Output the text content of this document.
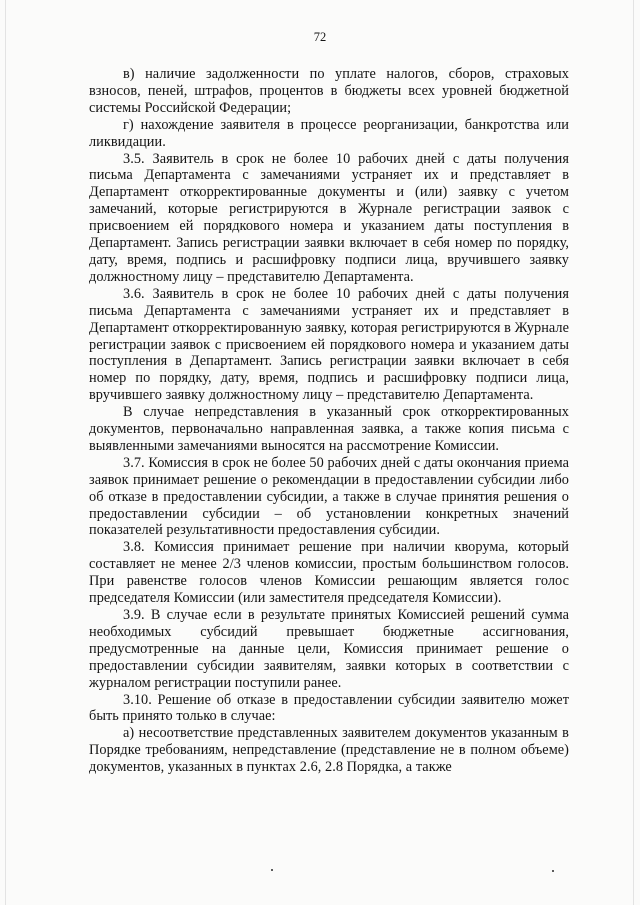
72

в) наличие задолженности по уплате налогов, сборов, страховых взносов, пеней, штрафов, процентов в бюджеты всех уровней бюджетной системы Российской Федерации;

г) нахождение заявителя в процессе реорганизации, банкротства или ликвидации.

3.5. Заявитель в срок не более 10 рабочих дней с даты получения письма Департамента с замечаниями устраняет их и представляет в Департамент откорректированные документы и (или) заявку с учетом замечаний, которые регистрируются в Журнале регистрации заявок с присвоением ей порядкового номера и указанием даты поступления в Департамент. Запись регистрации заявки включает в себя номер по порядку, дату, время, подпись и расшифровку подписи лица, вручившего заявку должностному лицу – представителю Департамента.

3.6. Заявитель в срок не более 10 рабочих дней с даты получения письма Департамента с замечаниями устраняет их и представляет в Департамент откорректированную заявку, которая регистрируются в Журнале регистрации заявок с присвоением ей порядкового номера и указанием даты поступления в Департамент. Запись регистрации заявки включает в себя номер по порядку, дату, время, подпись и расшифровку подписи лица, вручившего заявку должностному лицу – представителю Департамента.

В случае непредставления в указанный срок откорректированных документов, первоначально направленная заявка, а также копия письма с выявленными замечаниями выносятся на рассмотрение Комиссии.

3.7. Комиссия в срок не более 50 рабочих дней с даты окончания приема заявок принимает решение о рекомендации в предоставлении субсидии либо об отказе в предоставлении субсидии, а также в случае принятия решения о предоставлении субсидии – об установлении конкретных значений показателей результативности предоставления субсидии.

3.8. Комиссия принимает решение при наличии кворума, который составляет не менее 2/3 членов комиссии, простым большинством голосов. При равенстве голосов членов Комиссии решающим является голос председателя Комиссии (или заместителя председателя Комиссии).

3.9. В случае если в результате принятых Комиссией решений сумма необходимых субсидий превышает бюджетные ассигнования, предусмотренные на данные цели, Комиссия принимает решение о предоставлении субсидии заявителям, заявки которых в соответствии с журналом регистрации поступили ранее.

3.10. Решение об отказе в предоставлении субсидии заявителю может быть принято только в случае:

а) несоответствие представленных заявителем документов указанным в Порядке требованиям, непредставление (представление не в полном объеме) документов, указанных в пунктах 2.6, 2.8 Порядка, а также
